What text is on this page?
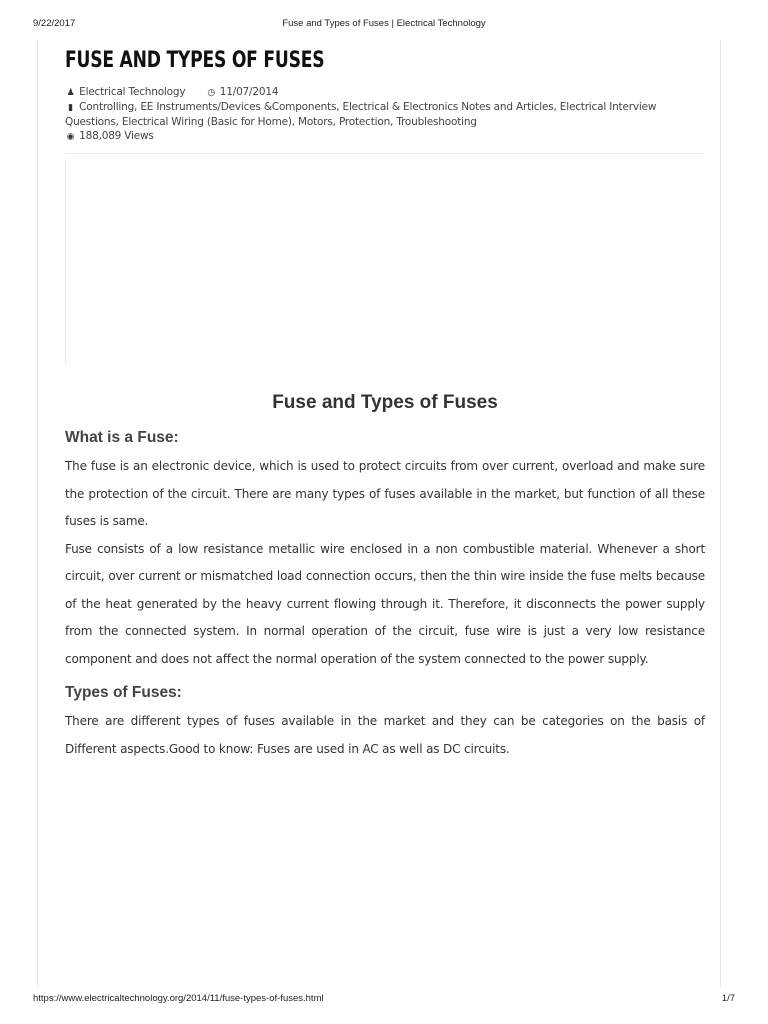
9/22/2017	Fuse and Types of Fuses | Electrical Technology
FUSE AND TYPES OF FUSES
♟ Electrical Technology ◷ 11/07/2014
▮ Controlling, EE Instruments/Devices &Components, Electrical & Electronics Notes and Articles, Electrical Interview
Questions, Electrical Wiring (Basic for Home), Motors, Protection, Troubleshooting
◉ 188,089 Views
Fuse and Types of Fuses
What is a Fuse:

The fuse is an electronic device, which is used to protect circuits from over current, overload and make sure the protection of the circuit. There are many types of fuses available in the market, but function of all these fuses is same.

Fuse consists of a low resistance metallic wire enclosed in a non combustible material. Whenever a short circuit, over current or mismatched load connection occurs, then the thin wire inside the fuse melts because of the heat generated by the heavy current flowing through it. Therefore, it disconnects the power supply from the connected system. In normal operation of the circuit, fuse wire is just a very low resistance component and does not affect the normal operation of the system connected to the power supply.

Types of Fuses:

There are different types of fuses available in the market and they can be categories on the basis of Different aspects.Good to know: Fuses are used in AC as well as DC circuits.

https://www.electricaltechnology.org/2014/11/fuse-types-of-fuses.html	1/7
